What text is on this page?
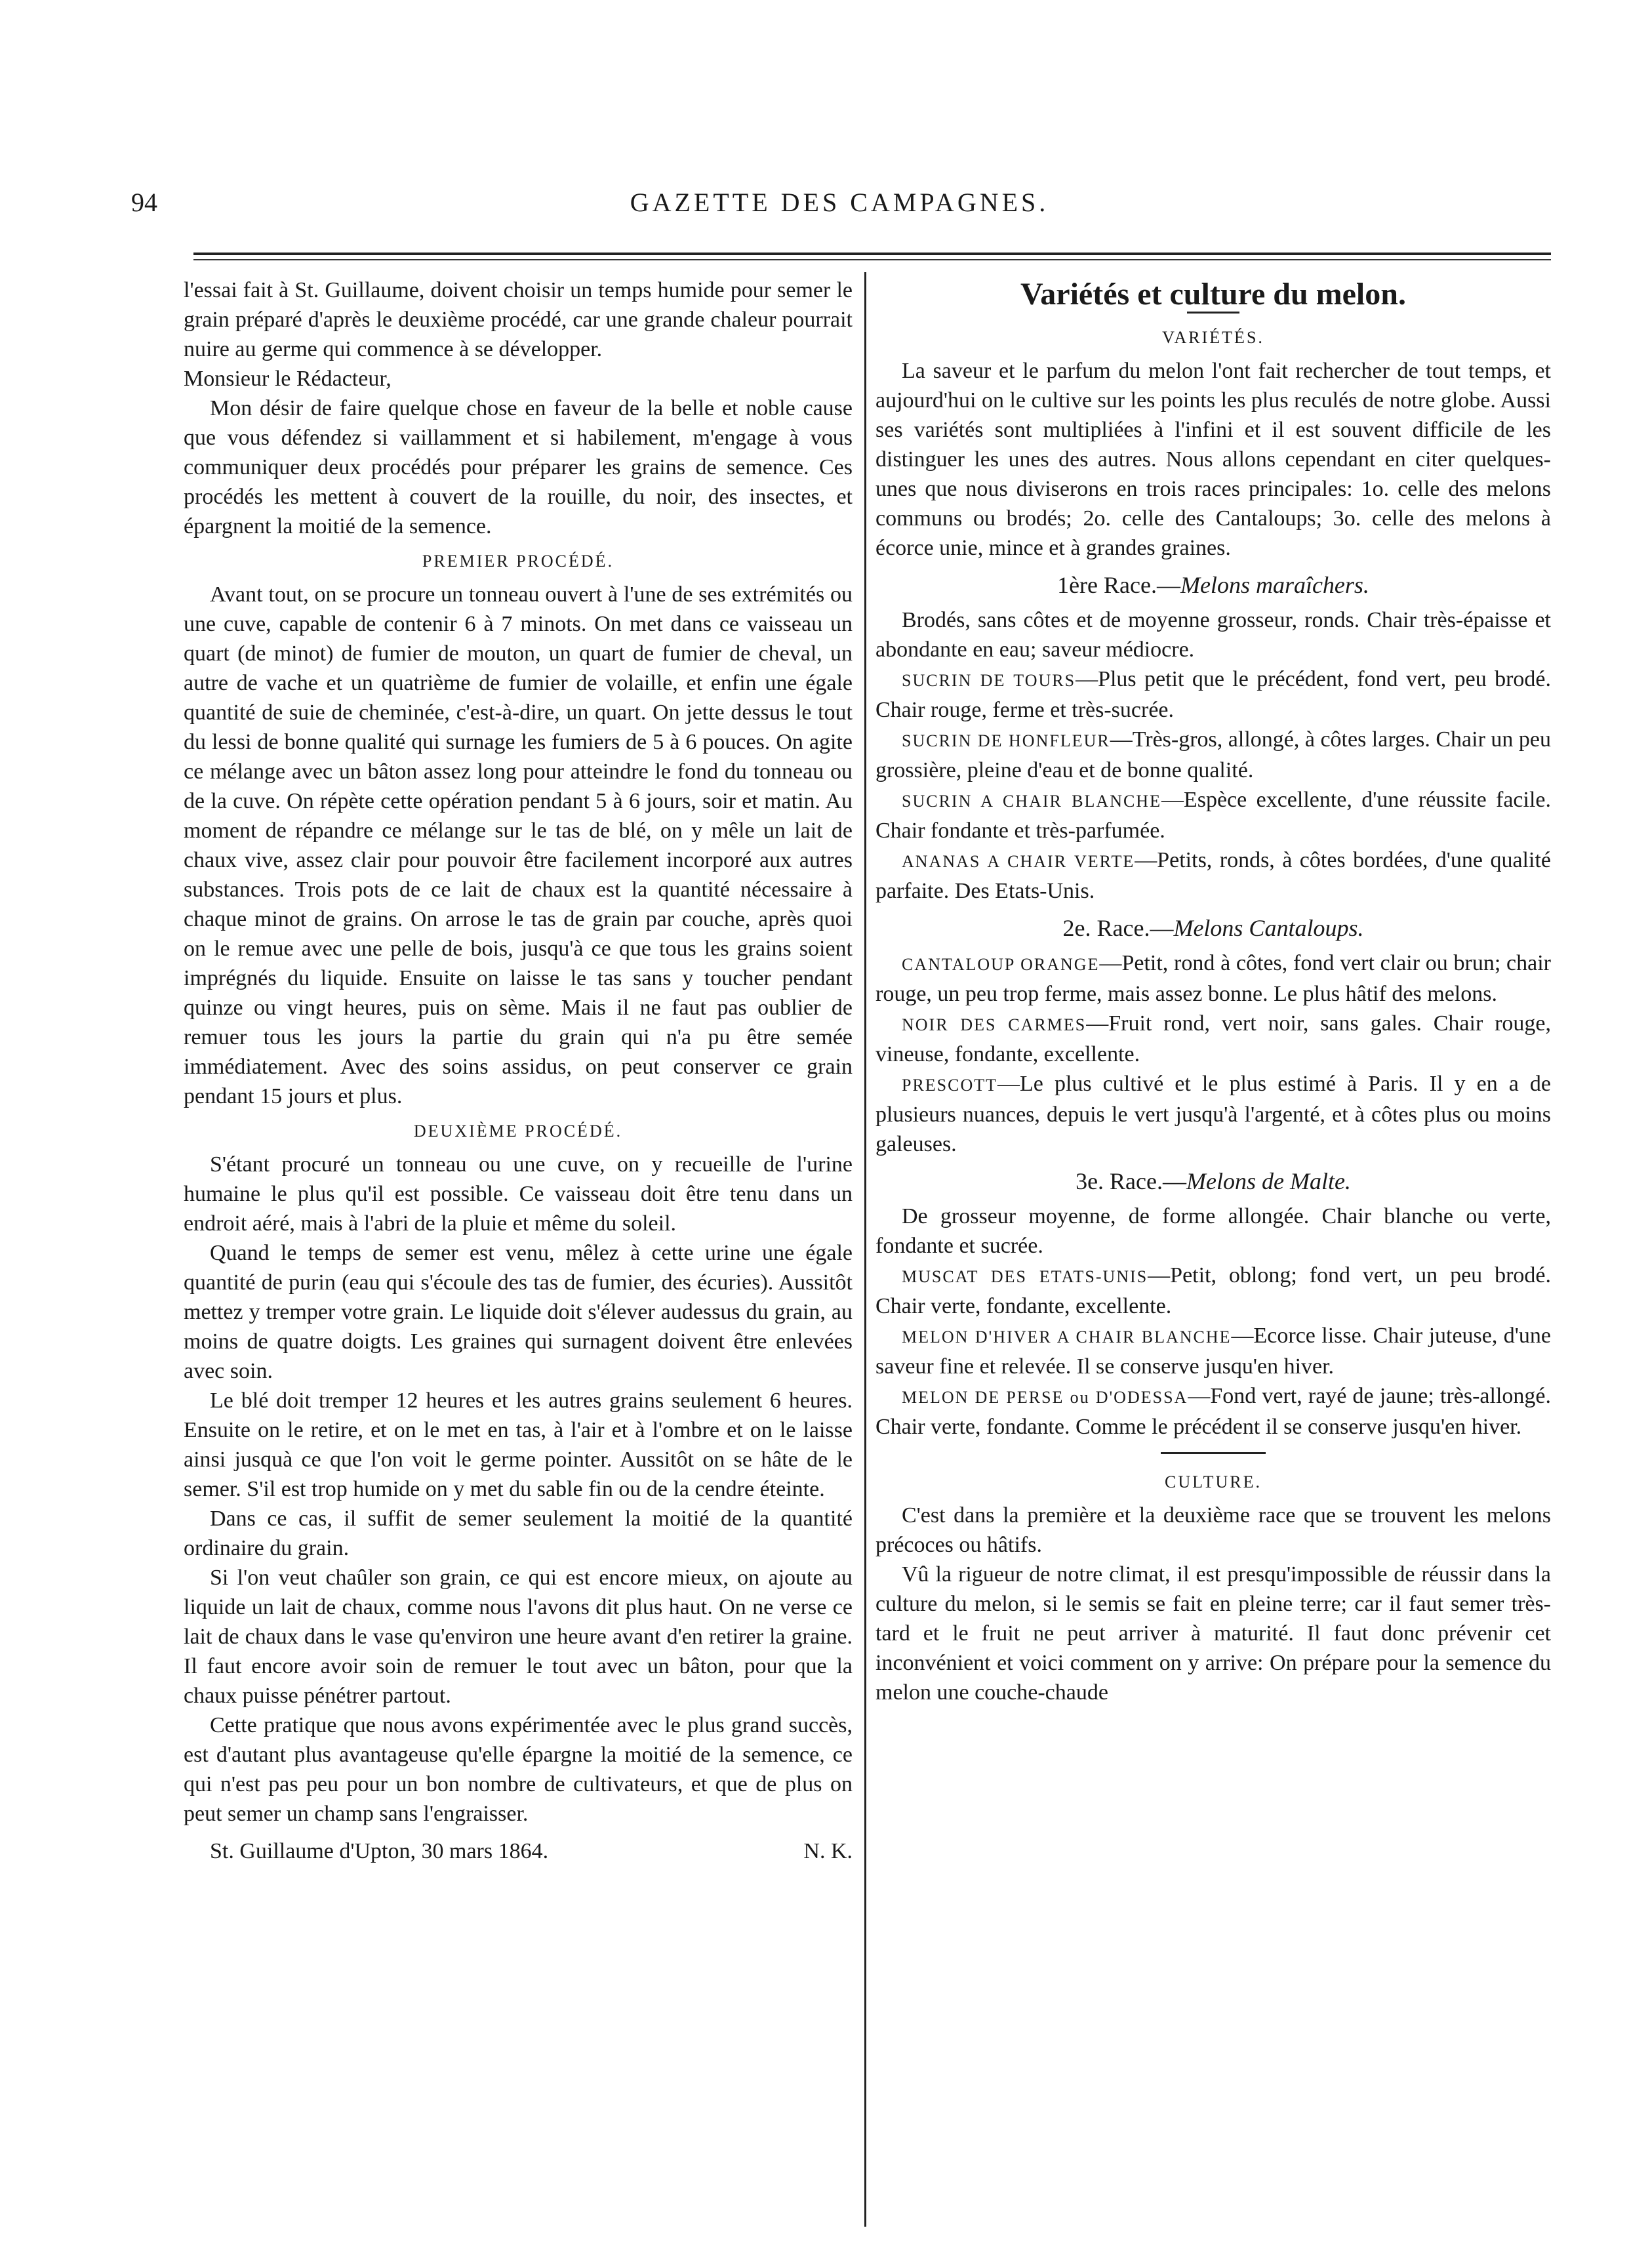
94	GAZETTE DES CAMPAGNES.

l'essai fait à St. Guillaume, doivent choisir un temps humide pour semer le grain préparé d'après le deuxième procédé, car une grande chaleur pourrait nuire au germe qui commence à se développer.

Monsieur le Rédacteur,

Mon désir de faire quelque chose en faveur de la belle et noble cause que vous défendez si vaillamment et si habilement, m'engage à vous communiquer deux procédés pour préparer les grains de semence. Ces procédés les mettent à couvert de la rouille, du noir, des insectes, et épargnent la moitié de la semence.

PREMIER PROCÉDÉ.

Avant tout, on se procure un tonneau ouvert à l'une de ses extrémités ou une cuve, capable de contenir 6 à 7 minots. On met dans ce vaisseau un quart (de minot) de fumier de mouton, un quart de fumier de cheval, un autre de vache et un quatrième de fumier de volaille, et enfin une égale quantité de suie de cheminée, c'est-à-dire, un quart. On jette dessus le tout du lessi de bonne qualité qui surnage les fumiers de 5 à 6 pouces. On agite ce mélange avec un bâton assez long pour atteindre le fond du tonneau ou de la cuve. On répète cette opération pendant 5 à 6 jours, soir et matin. Au moment de répandre ce mélange sur le tas de blé, on y mêle un lait de chaux vive, assez clair pour pouvoir être facilement incorporé aux autres substances. Trois pots de ce lait de chaux est la quantité nécessaire à chaque minot de grains. On arrose le tas de grain par couche, après quoi on le remue avec une pelle de bois, jusqu'à ce que tous les grains soient imprégnés du liquide. Ensuite on laisse le tas sans y toucher pendant quinze ou vingt heures, puis on sème. Mais il ne faut pas oublier de remuer tous les jours la partie du grain qui n'a pu être semée immédiatement. Avec des soins assidus, on peut conserver ce grain pendant 15 jours et plus.

DEUXIÈME PROCÉDÉ.

S'étant procuré un tonneau ou une cuve, on y recueille de l'urine humaine le plus qu'il est possible. Ce vaisseau doit être tenu dans un endroit aéré, mais à l'abri de la pluie et même du soleil.

Quand le temps de semer est venu, mêlez à cette urine une égale quantité de purin (eau qui s'écoule des tas de fumier, des écuries). Aussitôt mettez y tremper votre grain. Le liquide doit s'élever audessus du grain, au moins de quatre doigts. Les graines qui surnagent doivent être enlevées avec soin.

Le blé doit tremper 12 heures et les autres grains seulement 6 heures. Ensuite on le retire, et on le met en tas, à l'air et à l'ombre et on le laisse ainsi jusquà ce que l'on voit le germe pointer. Aussitôt on se hâte de le semer. S'il est trop humide on y met du sable fin ou de la cendre éteinte.

Dans ce cas, il suffit de semer seulement la moitié de la quantité ordinaire du grain.

Si l'on veut chaûler son grain, ce qui est encore mieux, on ajoute au liquide un lait de chaux, comme nous l'avons dit plus haut. On ne verse ce lait de chaux dans le vase qu'environ une heure avant d'en retirer la graine. Il faut encore avoir soin de remuer le tout avec un bâton, pour que la chaux puisse pénétrer partout.

Cette pratique que nous avons expérimentée avec le plus grand succès, est d'autant plus avantageuse qu'elle épargne la moitié de la semence, ce qui n'est pas peu pour un bon nombre de cultivateurs, et que de plus on peut semer un champ sans l'engraisser.

St. Guillaume d'Upton, 30 mars 1864.	N. K.
Variétés et culture du melon.
VARIÉTÉS.

La saveur et le parfum du melon l'ont fait rechercher de tout temps, et aujourd'hui on le cultive sur les points les plus reculés de notre globe. Aussi ses variétés sont multipliées à l'infini et il est souvent difficile de les distinguer les unes des autres. Nous allons cependant en citer quelques-unes que nous diviserons en trois races principales: 1o. celle des melons communs ou brodés; 2o. celle des Cantaloups; 3o. celle des melons à écorce unie, mince et à grandes graines.

1ère Race.—Melons maraîchers.

Brodés, sans côtes et de moyenne grosseur, ronds. Chair très-épaisse et abondante en eau; saveur médiocre.

SUCRIN DE TOURS—Plus petit que le précédent, fond vert, peu brodé. Chair rouge, ferme et très-sucrée.

SUCRIN DE HONFLEUR—Très-gros, allongé, à côtes larges. Chair un peu grossière, pleine d'eau et de bonne qualité.

SUCRIN A CHAIR BLANCHE—Espèce excellente, d'une réussite facile. Chair fondante et très-parfumée.

ANANAS A CHAIR VERTE—Petits, ronds, à côtes bordées, d'une qualité parfaite. Des Etats-Unis.

2e. Race.—Melons Cantaloups.

CANTALOUP ORANGE—Petit, rond à côtes, fond vert clair ou brun; chair rouge, un peu trop ferme, mais assez bonne. Le plus hâtif des melons.

NOIR DES CARMES—Fruit rond, vert noir, sans gales. Chair rouge, vineuse, fondante, excellente.

PRESCOTT—Le plus cultivé et le plus estimé à Paris. Il y en a de plusieurs nuances, depuis le vert jusqu'à l'argenté, et à côtes plus ou moins galeuses.

3e. Race.—Melons de Malte.

De grosseur moyenne, de forme allongée. Chair blanche ou verte, fondante et sucrée.

MUSCAT DES ETATS-UNIS—Petit, oblong; fond vert, un peu brodé. Chair verte, fondante, excellente.

MELON D'HIVER A CHAIR BLANCHE—Ecorce lisse. Chair juteuse, d'une saveur fine et relevée. Il se conserve jusqu'en hiver.

MELON DE PERSE ou D'ODESSA—Fond vert, rayé de jaune; très-allongé. Chair verte, fondante. Comme le précédent il se conserve jusqu'en hiver.

CULTURE.

C'est dans la première et la deuxième race que se trouvent les melons précoces ou hâtifs.

Vû la rigueur de notre climat, il est presqu'impossible de réussir dans la culture du melon, si le semis se fait en pleine terre; car il faut semer très-tard et le fruit ne peut arriver à maturité. Il faut donc prévenir cet inconvénient et voici comment on y arrive: On prépare pour la semence du melon une couche-chaude
